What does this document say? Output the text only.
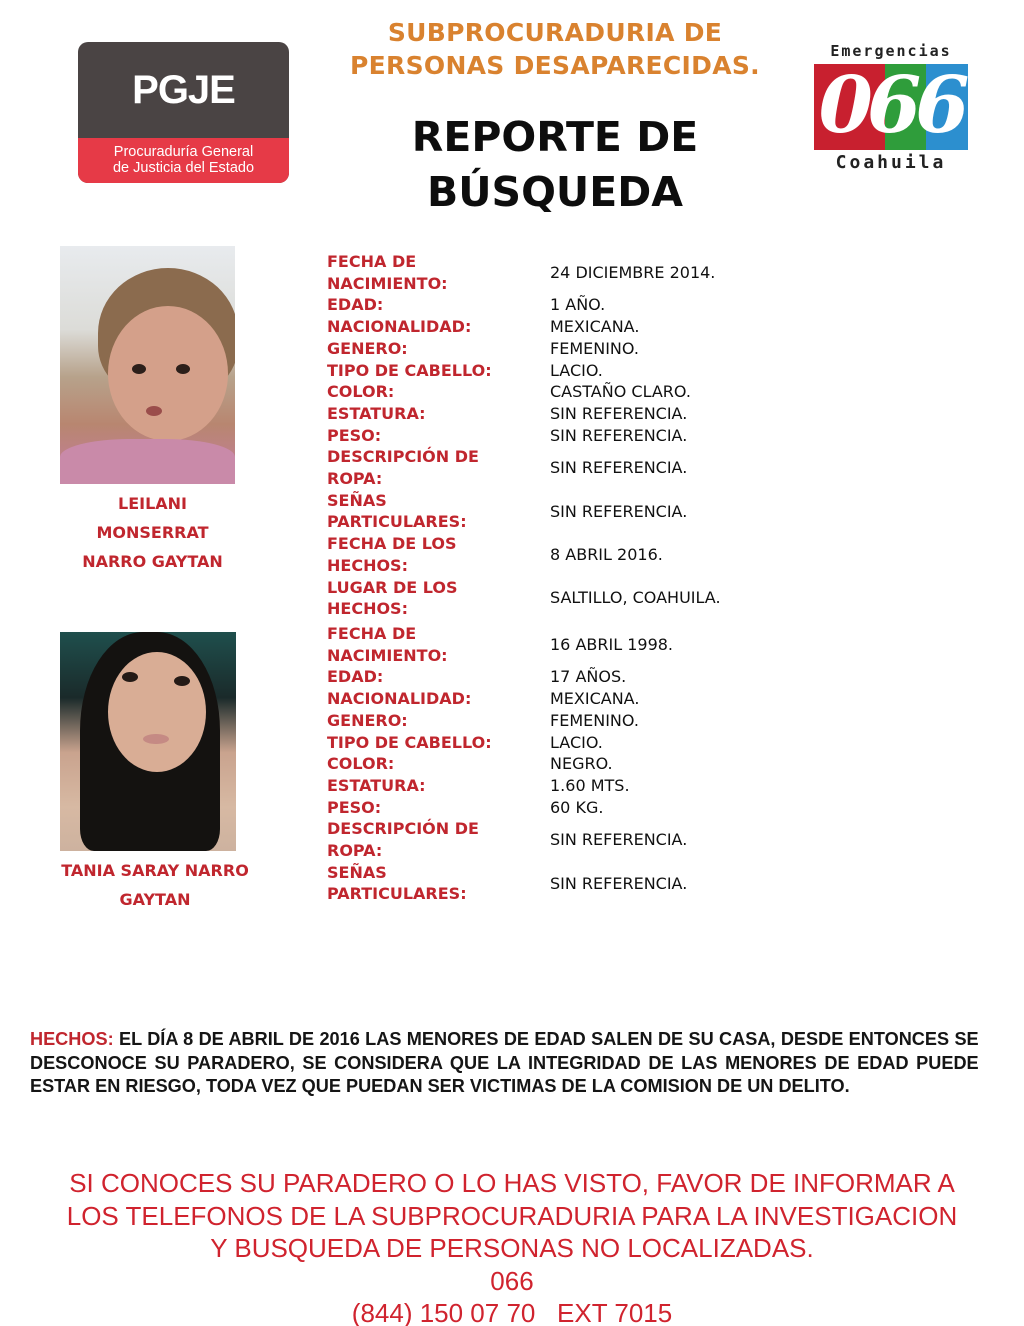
PGJE
Procuraduría General
de Justicia del Estado
SUBPROCURADURIA DE
PERSONAS DESAPARECIDAS.
REPORTE DE
BÚSQUEDA
Emergencias
066
Coahuila
LEILANI
MONSERRAT
NARRO GAYTAN
TANIA SARAY NARRO
GAYTAN
FECHA DE
NACIMIENTO:
24 DICIEMBRE 2014.
EDAD:	1 AÑO.
NACIONALIDAD:	MEXICANA.
GENERO:	FEMENINO.
TIPO DE CABELLO:	LACIO.
COLOR:	CASTAÑO CLARO.
ESTATURA:	SIN REFERENCIA.
PESO:	SIN REFERENCIA.
DESCRIPCIÓN DE
ROPA:
SIN REFERENCIA.
SEÑAS
PARTICULARES:
SIN REFERENCIA.
FECHA DE LOS
HECHOS:
8 ABRIL 2016.
LUGAR DE LOS
HECHOS:
SALTILLO, COAHUILA.
FECHA DE
NACIMIENTO:
16 ABRIL 1998.
EDAD:	17 AÑOS.
NACIONALIDAD:	MEXICANA.
GENERO:	FEMENINO.
TIPO DE CABELLO:	LACIO.
COLOR:	NEGRO.
ESTATURA:	1.60 MTS.
PESO:	60 KG.
DESCRIPCIÓN DE
ROPA:
SIN REFERENCIA.
SEÑAS
PARTICULARES:
SIN REFERENCIA.
HECHOS: EL DÍA 8 DE ABRIL DE 2016 LAS MENORES DE EDAD SALEN DE SU CASA, DESDE ENTONCES SE DESCONOCE SU PARADERO, SE CONSIDERA QUE LA INTEGRIDAD DE LAS MENORES DE EDAD PUEDE ESTAR EN RIESGO, TODA VEZ QUE PUEDAN SER VICTIMAS DE LA COMISION DE UN DELITO.
SI CONOCES SU PARADERO O LO HAS VISTO, FAVOR DE INFORMAR A
LOS TELEFONOS DE LA SUBPROCURADURIA PARA LA INVESTIGACION
Y BUSQUEDA DE PERSONAS NO LOCALIZADAS.
066
(844) 150 07 70   EXT 7015
